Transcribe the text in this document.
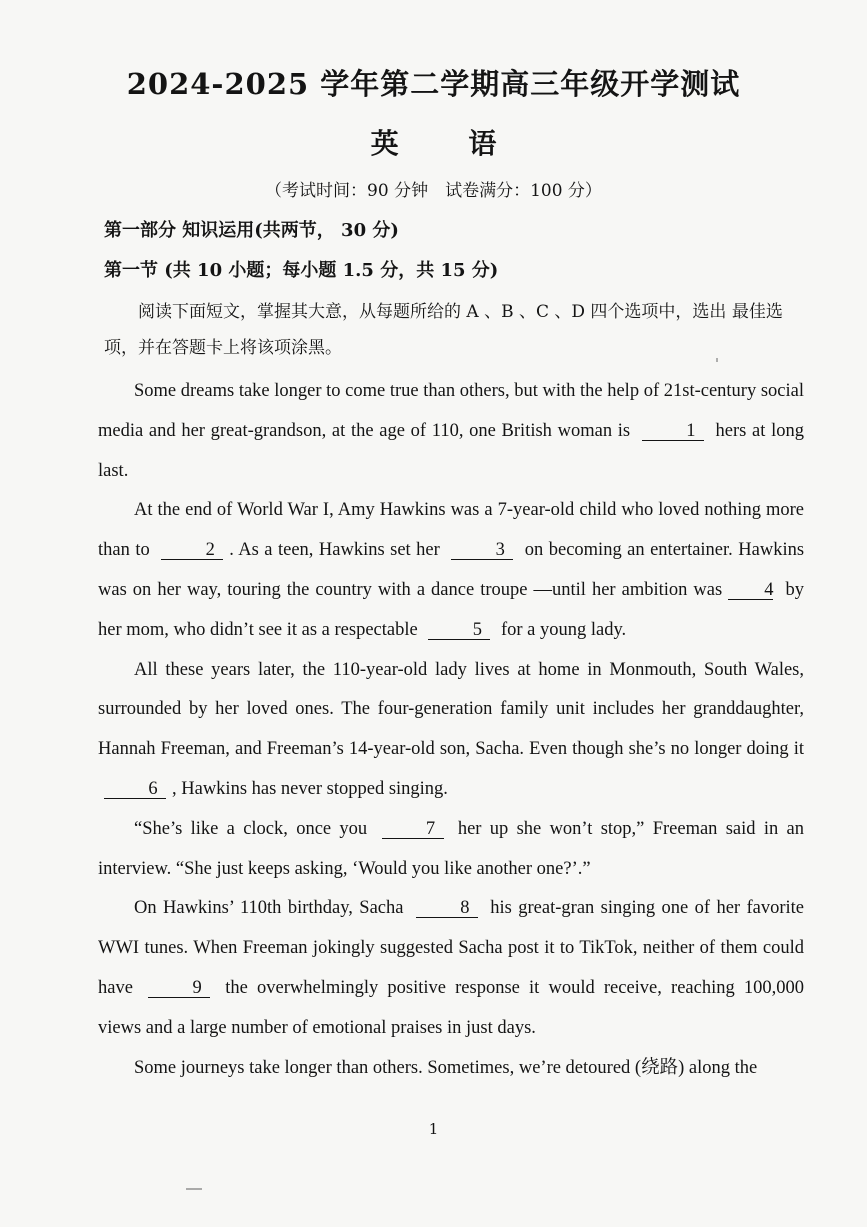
2024-2025 学年第二学期高三年级开学测试
英 语
（考试时间：90 分钟　试卷满分：100 分）
第一部分 知识运用(共两节， 30 分)
第一节 (共 10 小题；每小题 1.5 分，共 15 分)
阅读下面短文，掌握其大意，从每题所给的 A 、B 、C 、D 四个选项中，选出 最佳选项，并在答题卡上将该项涂黑。

Some dreams take longer to come true than others, but with the help of 21st-century social media and her great-grandson, at the age of 110, one British woman is	1 hers at long last.

At the end of World War I, Amy Hawkins was a 7-year-old child who loved nothing more than to	2 . As a teen, Hawkins set her	3 on becoming an entertainer. Hawkins was on her way, touring the country with a dance troupe —until her ambition was 4 by her mom, who didn’t see it as a respectable	5 for a young lady.

All these years later, the 110-year-old lady lives at home in Monmouth, South Wales, surrounded by her loved ones. The four-generation family unit includes her granddaughter, Hannah Freeman, and Freeman’s 14-year-old son, Sacha. Even though she’s no longer doing it 6 , Hawkins has never stopped singing.

“She’s like a clock, once you	7 her up she won’t stop,” Freeman said in an interview. “She just keeps asking, ‘Would you like another one?’.”

On Hawkins’ 110th birthday, Sacha	8 his great-gran singing one of her favorite WWI tunes. When Freeman jokingly suggested Sacha post it to TikTok, neither of them could have	9 the overwhelmingly positive response it would receive, reaching 100,000 views and a large number of emotional praises in just days.

Some journeys take longer than others. Sometimes, we’re detoured (绕路) along the

1
